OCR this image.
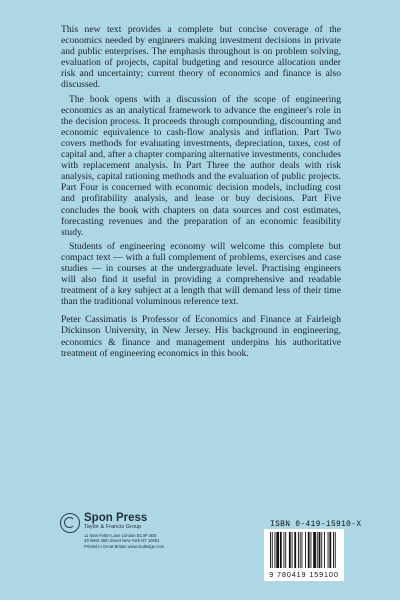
This new text provides a complete but concise coverage of the economics needed by engineers making investment decisions in private and public enterprises. The emphasis throughout is on problem solving, evaluation of projects, capital budgeting and resource allocation under risk and uncertainty; current theory of economics and finance is also discussed.

The book opens with a discussion of the scope of engineering economics as an analytical framework to advance the engineer's role in the decision process. It proceeds through compounding, discounting and economic equivalence to cash-flow analysis and inflation. Part Two covers methods for evaluating investments, depreciation, taxes, cost of capital and, after a chapter comparing alternative investments, concludes with replacement analysis. In Part Three the author deals with risk analysis, capital rationing methods and the evaluation of public projects. Part Four is concerned with economic decision models, including cost and profitability analysis, and lease or buy decisions. Part Five concludes the book with chapters on data sources and cost estimates, forecasting revenues and the preparation of an economic feasibility study.

Students of engineering economy will welcome this complete but compact text — with a full complement of problems, exercises and case studies — in courses at the undergraduate level. Practising engineers will also find it useful in providing a comprehensive and readable treatment of a key subject at a length that will demand less of their time than the traditional voluminous reference text.

Peter Cassimatis is Professor of Economics and Finance at Fairleigh Dickinson University, in New Jersey. His background in engineering, economics & finance and management underpins his authoritative treatment of engineering economics in this book.

Spon Press
Taylor & Francis Group
11 New Fetter Lane London EC4P 4EE
29 West 35th Street New York NY 10001
Printed in Great Britain www.routledge.com
ISBN 0-419-15910-X
9 780419 159100
